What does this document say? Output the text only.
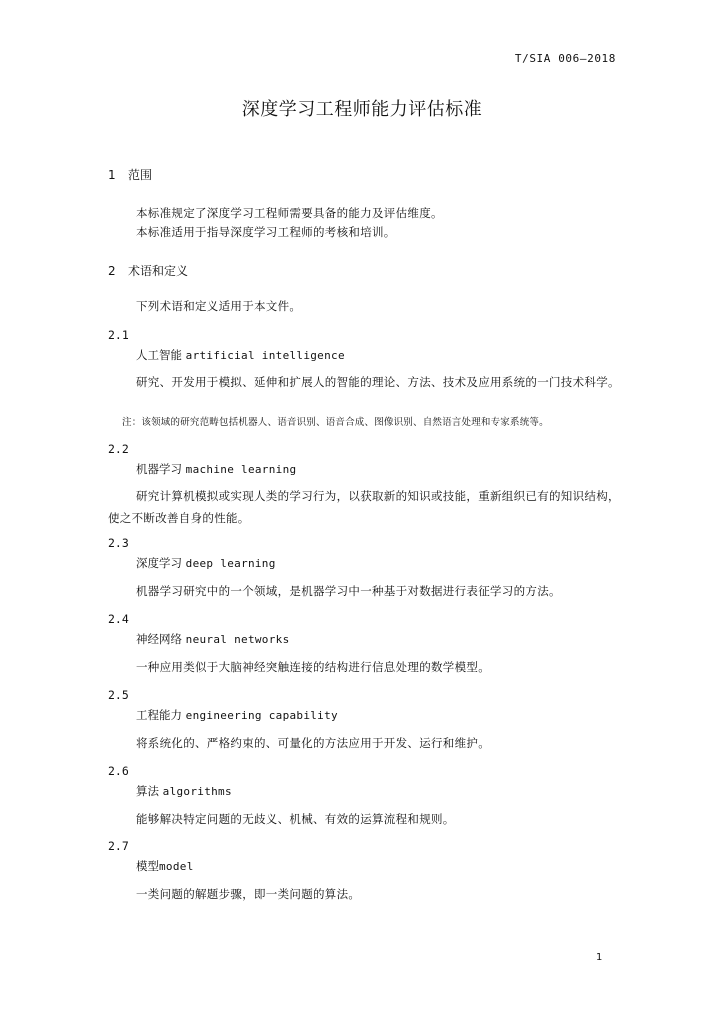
T/SIA 006—2018
深度学习工程师能力评估标准
1 范围
本标准规定了深度学习工程师需要具备的能力及评估维度。
本标准适用于指导深度学习工程师的考核和培训。
2 术语和定义
下列术语和定义适用于本文件。
2.1
人工智能 artificial intelligence
研究、开发用于模拟、延伸和扩展人的智能的理论、方法、技术及应用系统的一门技术科学。
注：该领域的研究范畴包括机器人、语音识别、语音合成、图像识别、自然语言处理和专家系统等。
2.2
机器学习 machine learning
研究计算机模拟或实现人类的学习行为，以获取新的知识或技能，重新组织已有的知识结构，使之不断改善自身的性能。
2.3
深度学习 deep learning
机器学习研究中的一个领域，是机器学习中一种基于对数据进行表征学习的方法。
2.4
神经网络 neural networks
一种应用类似于大脑神经突触连接的结构进行信息处理的数学模型。
2.5
工程能力 engineering capability
将系统化的、严格约束的、可量化的方法应用于开发、运行和维护。
2.6
算法 algorithms
能够解决特定问题的无歧义、机械、有效的运算流程和规则。
2.7
模型model
一类问题的解题步骤，即一类问题的算法。
1
